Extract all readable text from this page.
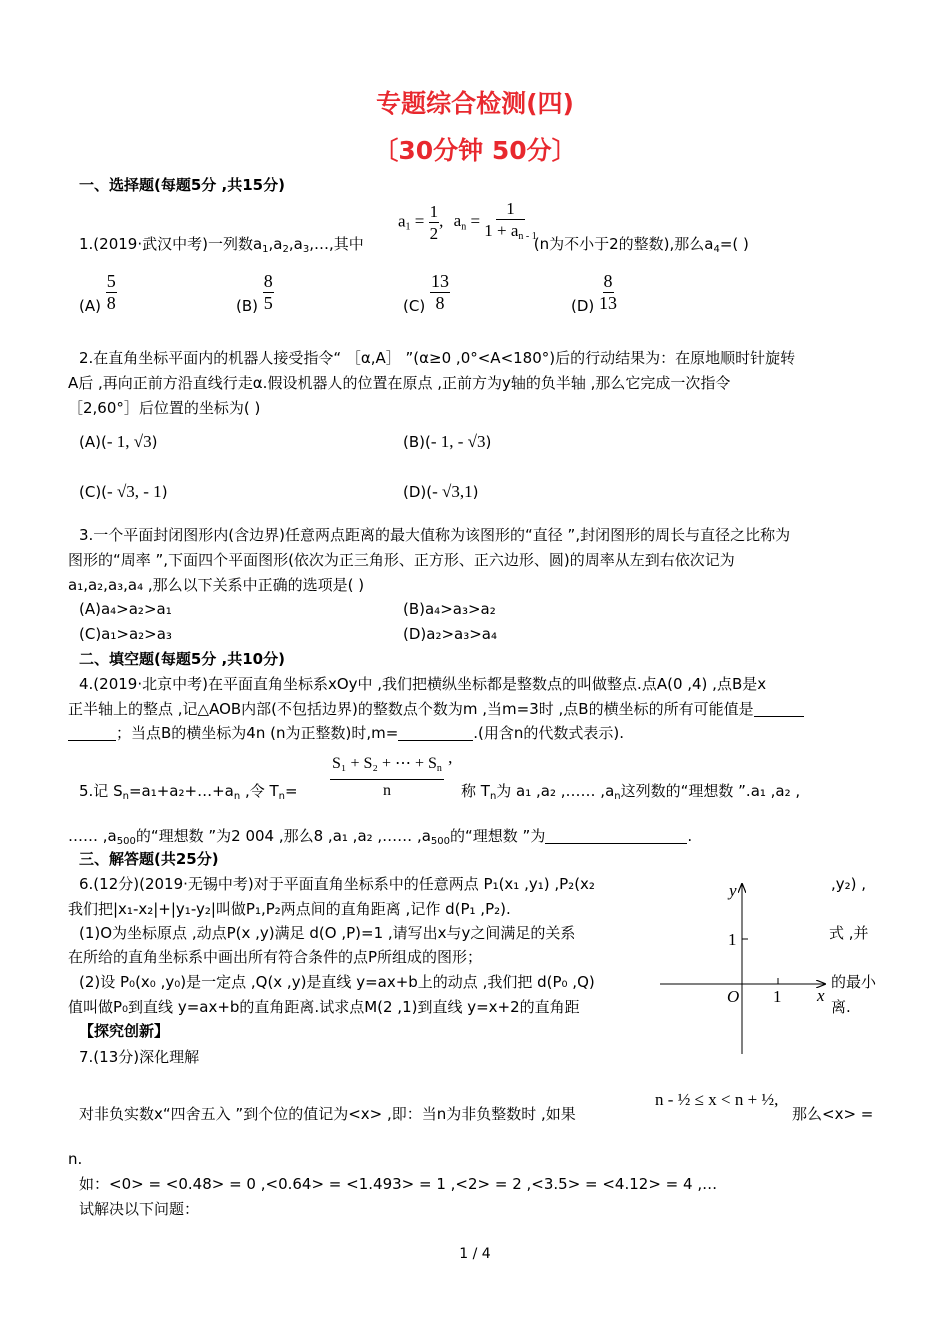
专题综合检测(四)
〔30分钟 50分〕
一、选择题(每题5分 ,共15分)
$a_1 = \frac{1}{2}$ , $a_n = \frac{1}{1 + a_{n - 1}}$
1.(2019·武汉中考)一列数$a_1,a_2,a_3,\dots$,其中	(n为不小于2的整数),那么$a_4=$( )
$(A) \frac{5}{8}$	$(B) \frac{8}{5}$	$(C) \frac{13}{8}$	$(D) \frac{8}{13}$
2.在直角坐标平面内的机器人接受指令“ ［α,A］ ”(α≥0 ,0°<A<180°)后的行动结果为：在原地顺时针旋转
A后 ,再向正前方沿直线行走α.假设机器人的位置在原点 ,正前方为y轴的负半轴 ,那么它完成一次指令
［2,60°］后位置的坐标为( )
(A)(- 1, √3)	(B)(- 1, - √3)
(C)(- √3, - 1)	(D)(- √3,1)
3.一个平面封闭图形内(含边界)任意两点距离的最大值称为该图形的“直径 ”,封闭图形的周长与直径之比称为
图形的“周率 ”,下面四个平面图形(依次为正三角形、正方形、正六边形、圆)的周率从左到右依次记为
a₁,a₂,a₃,a₄ ,那么以下关系中正确的选项是( )
(A)a₄>a₂>a₁	(B)a₄>a₃>a₂
(C)a₁>a₂>a₃	(D)a₂>a₃>a₄
二、填空题(每题5分 ,共10分)
4.(2019·北京中考)在平面直角坐标系xOy中 ,我们把横纵坐标都是整数点的叫做整点.点A(0 ,4) ,点B是x
正半轴上的整点 ,记△AOB内部(不包括边界)的整数点个数为m ,当m=3时 ,点B的横坐标的所有可能值是
；当点B的横坐标为4n (n为正整数)时,m=	.(用含n的代数式表示).
$\frac{S_1 + S_2 + \cdots + S_n}{n}$ ,
5.记 $S_n=a_1+a_2+\dots+a_n$ ,令 $T_n=$	称 $T_n$为 a₁ ,a₂ ,…… $,a_n$这列数的“理想数 ”.a₁ ,a₂ ,
…… $,a_{500}$的“理想数 ”为2 004 ,那么8 ,a₁ ,a₂ ,…… $,a_{500}$的“理想数 ”为	.
三、解答题(共25分)
6.(12分)(2019·无锡中考)对于平面直角坐标系中的任意两点 P₁(x₁ ,y₁) ,P₂(x₂	,y₂) ,
我们把|x₁-x₂|+|y₁-y₂|叫做P₁,P₂两点间的直角距离 ,记作 d(P₁ ,P₂).
(1)O为坐标原点 ,动点P(x ,y)满足 d(O ,P)=1 ,请写出x与y之间满足的关系	式 ,并
在所给的直角坐标系中画出所有符合条件的点P所组成的图形；
(2)设 P₀(x₀ ,y₀)是一定点 ,Q(x ,y)是直线 y=ax+b上的动点 ,我们把 d(P₀ ,Q)	的最小
值叫做P₀到直线 y=ax+b的直角距离.试求点M(2 ,1)到直线 y=x+2的直角距	离.
y
x
O 1
1
【探究创新】
7.(13分)深化理解
对非负实数x“四舍五入 ”到个位的值记为<x> ,即：当n为非负整数时 ,如果
n - ½ ≤ x < n + ½,
那么<x> =
n.
如：<0> = <0.48> = 0 ,<0.64> = <1.493> = 1 ,<2> = 2 ,<3.5> = <4.12> = 4 ,…
试解决以下问题：
1 / 4
